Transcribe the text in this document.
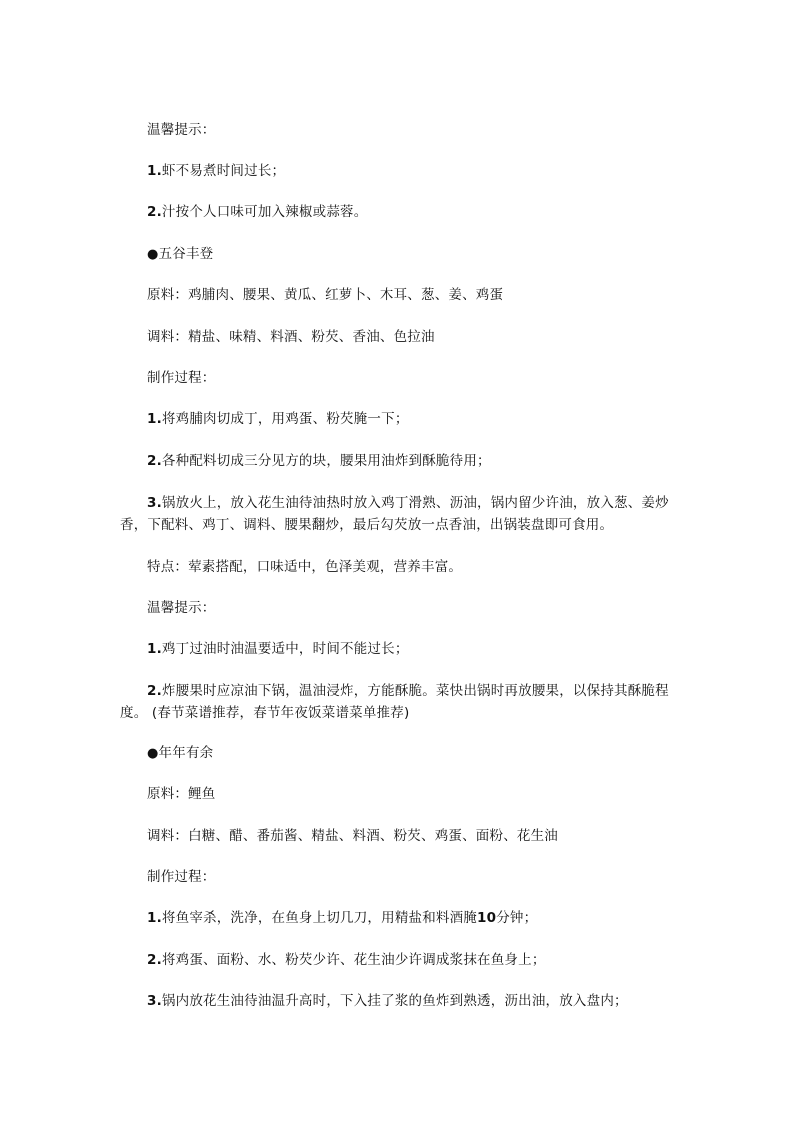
温馨提示：
1.虾不易煮时间过长；
2.汁按个人口味可加入辣椒或蒜蓉。
●五谷丰登
原料：鸡脯肉、腰果、黄瓜、红萝卜、木耳、葱、姜、鸡蛋
调料：精盐、味精、料酒、粉芡、香油、色拉油
制作过程：
1.将鸡脯肉切成丁，用鸡蛋、粉芡腌一下；
2.各种配料切成三分见方的块，腰果用油炸到酥脆待用；
3.锅放火上，放入花生油待油热时放入鸡丁滑熟、沥油，锅内留少许油，放入葱、姜炒香，下配料、鸡丁、调料、腰果翻炒，最后勾芡放一点香油，出锅装盘即可食用。
特点：荤素搭配，口味适中，色泽美观，营养丰富。
温馨提示：
1.鸡丁过油时油温要适中，时间不能过长；
2.炸腰果时应凉油下锅，温油浸炸，方能酥脆。菜快出锅时再放腰果，以保持其酥脆程度。 (春节菜谱推荐，春节年夜饭菜谱菜单推荐)
●年年有余
原料：鲤鱼
调料：白糖、醋、番茄酱、精盐、料酒、粉芡、鸡蛋、面粉、花生油
制作过程：
1.将鱼宰杀，洗净，在鱼身上切几刀，用精盐和料酒腌10分钟；
2.将鸡蛋、面粉、水、粉芡少许、花生油少许调成浆抹在鱼身上；
3.锅内放花生油待油温升高时，下入挂了浆的鱼炸到熟透，沥出油，放入盘内；
